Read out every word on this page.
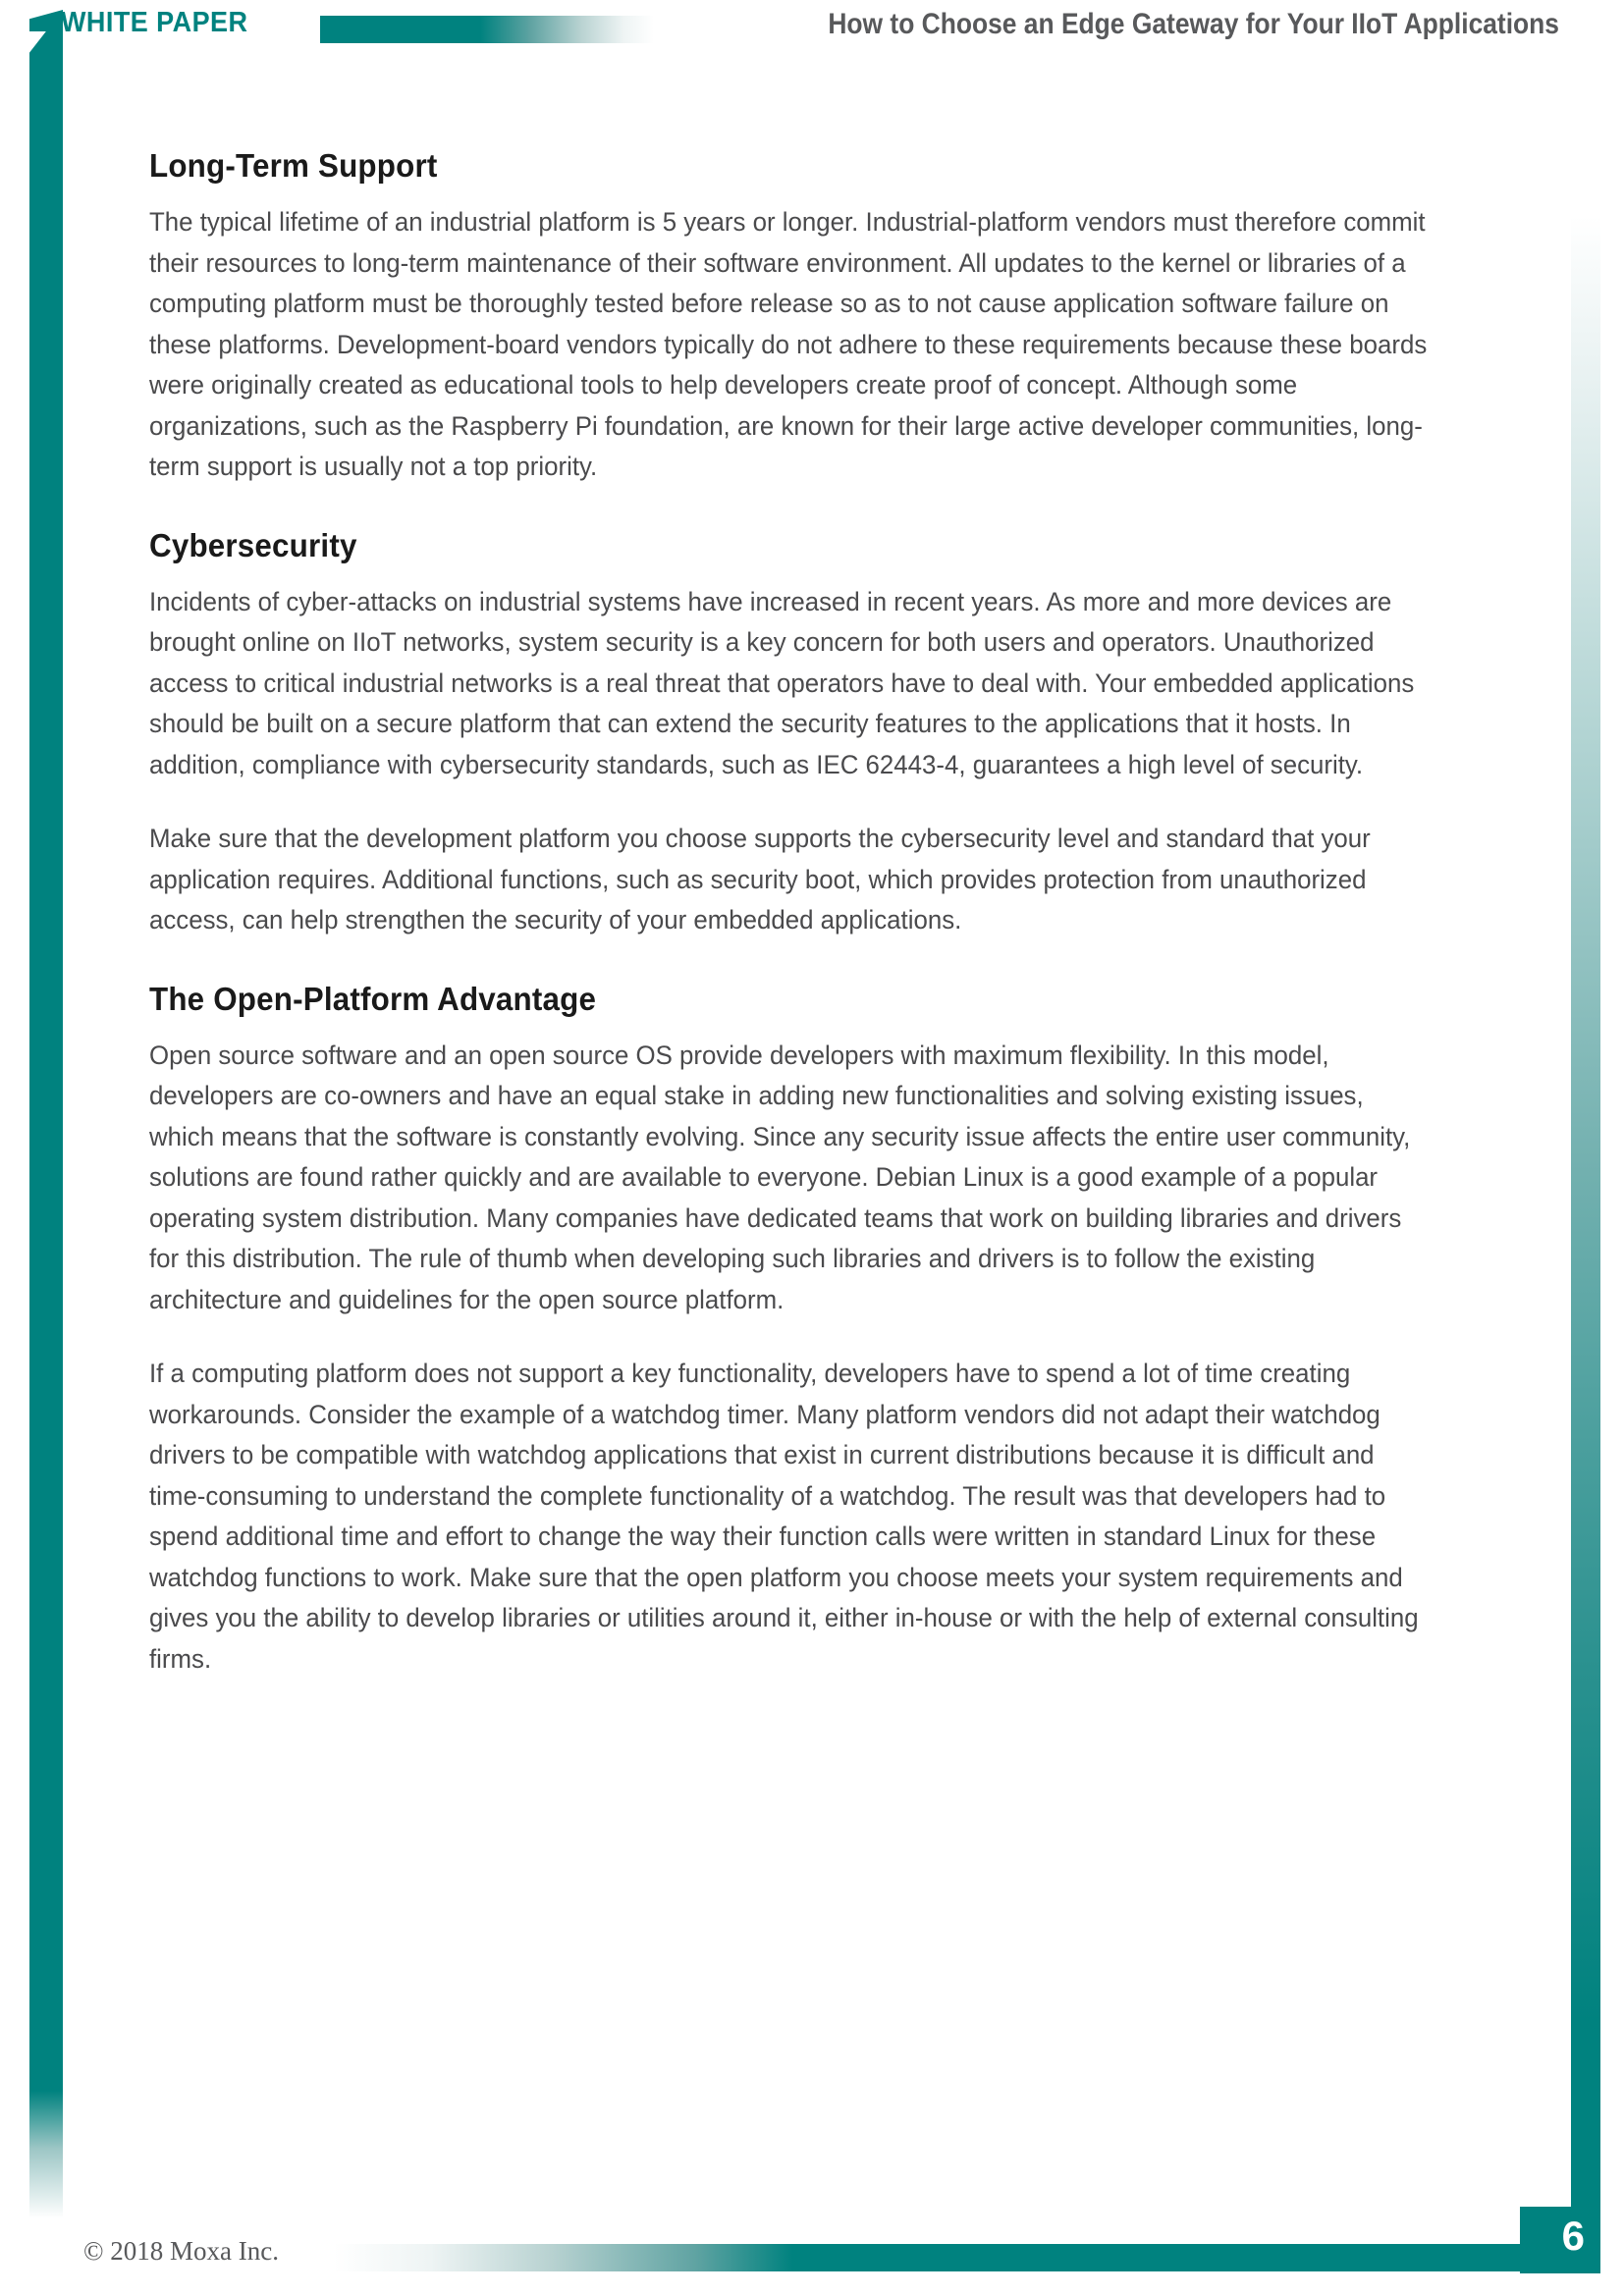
WHITE PAPER	How to Choose an Edge Gateway for Your IIoT Applications
Long-Term Support

The typical lifetime of an industrial platform is 5 years or longer. Industrial-platform vendors must therefore commit their resources to long-term maintenance of their software environment. All updates to the kernel or libraries of a computing platform must be thoroughly tested before release so as to not cause application software failure on these platforms. Development-board vendors typically do not adhere to these requirements because these boards were originally created as educational tools to help developers create proof of concept. Although some organizations, such as the Raspberry Pi foundation, are known for their large active developer communities, long-term support is usually not a top priority.

Cybersecurity

Incidents of cyber-attacks on industrial systems have increased in recent years. As more and more devices are brought online on IIoT networks, system security is a key concern for both users and operators. Unauthorized access to critical industrial networks is a real threat that operators have to deal with. Your embedded applications should be built on a secure platform that can extend the security features to the applications that it hosts. In addition, compliance with cybersecurity standards, such as IEC 62443-4, guarantees a high level of security.

Make sure that the development platform you choose supports the cybersecurity level and standard that your application requires. Additional functions, such as security boot, which provides protection from unauthorized access, can help strengthen the security of your embedded applications.

The Open-Platform Advantage

Open source software and an open source OS provide developers with maximum flexibility. In this model, developers are co-owners and have an equal stake in adding new functionalities and solving existing issues, which means that the software is constantly evolving. Since any security issue affects the entire user community, solutions are found rather quickly and are available to everyone. Debian Linux is a good example of a popular operating system distribution. Many companies have dedicated teams that work on building libraries and drivers for this distribution. The rule of thumb when developing such libraries and drivers is to follow the existing architecture and guidelines for the open source platform.

If a computing platform does not support a key functionality, developers have to spend a lot of time creating workarounds. Consider the example of a watchdog timer. Many platform vendors did not adapt their watchdog drivers to be compatible with watchdog applications that exist in current distributions because it is difficult and time-consuming to understand the complete functionality of a watchdog. The result was that developers had to spend additional time and effort to change the way their function calls were written in standard Linux for these watchdog functions to work. Make sure that the open platform you choose meets your system requirements and gives you the ability to develop libraries or utilities around it, either in-house or with the help of external consulting firms.

© 2018 Moxa Inc.	6
